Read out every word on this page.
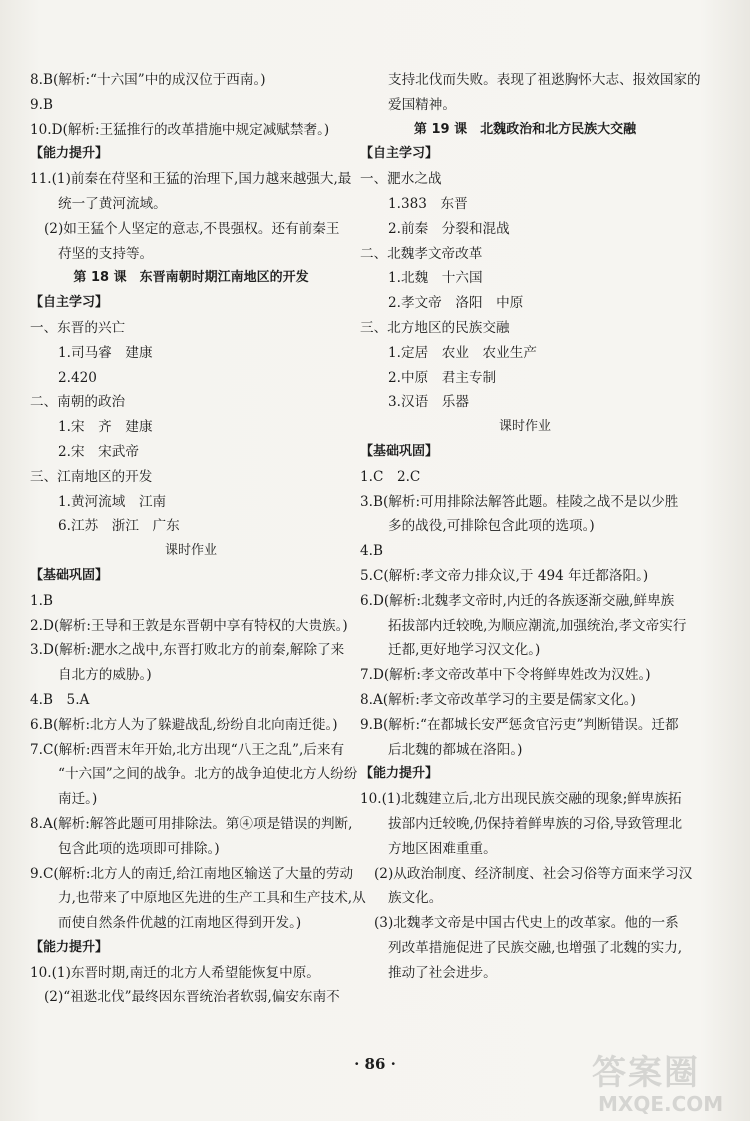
8.B(解析:“十六国”中的成汉位于西南。)
9.B
10.D(解析:王猛推行的改革措施中规定减赋禁奢。)
【能力提升】
11.(1)前秦在苻坚和王猛的治理下,国力越来越强大,最
统一了黄河流域。
(2)如王猛个人坚定的意志,不畏强权。还有前秦王
苻坚的支持等。
第 18 课　东晋南朝时期江南地区的开发
【自主学习】
一、东晋的兴亡
1.司马睿　建康
2.420
二、南朝的政治
1.宋　齐　建康
2.宋　宋武帝
三、江南地区的开发
1.黄河流域　江南
6.江苏　浙江　广东
课时作业
【基础巩固】
1.B
2.D(解析:王导和王敦是东晋朝中享有特权的大贵族。)
3.D(解析:淝水之战中,东晋打败北方的前秦,解除了来
自北方的威胁。)
4.B　5.A
6.B(解析:北方人为了躲避战乱,纷纷自北向南迁徙。)
7.C(解析:西晋末年开始,北方出现“八王之乱”,后来有
“十六国”之间的战争。北方的战争迫使北方人纷纷
南迁。)
8.A(解析:解答此题可用排除法。第④项是错误的判断,
包含此项的选项即可排除。)
9.C(解析:北方人的南迁,给江南地区输送了大量的劳动
力,也带来了中原地区先进的生产工具和生产技术,从
而使自然条件优越的江南地区得到开发。)
【能力提升】
10.(1)东晋时期,南迁的北方人希望能恢复中原。
(2)“祖逖北伐”最终因东晋统治者软弱,偏安东南不
支持北伐而失败。表现了祖逖胸怀大志、报效国家的
爱国精神。
第 19 课　北魏政治和北方民族大交融
【自主学习】
一、淝水之战
1.383　东晋
2.前秦　分裂和混战
二、北魏孝文帝改革
1.北魏　十六国
2.孝文帝　洛阳　中原
三、北方地区的民族交融
1.定居　农业　农业生产
2.中原　君主专制
3.汉语　乐器
课时作业
【基础巩固】
1.C　2.C
3.B(解析:可用排除法解答此题。桂陵之战不是以少胜
多的战役,可排除包含此项的选项。)
4.B
5.C(解析:孝文帝力排众议,于 494 年迁都洛阳。)
6.D(解析:北魏孝文帝时,内迁的各族逐渐交融,鲜卑族
拓拔部内迁较晚,为顺应潮流,加强统治,孝文帝实行
迁都,更好地学习汉文化。)
7.D(解析:孝文帝改革中下令将鲜卑姓改为汉姓。)
8.A(解析:孝文帝改革学习的主要是儒家文化。)
9.B(解析:“在都城长安严惩贪官污吏”判断错误。迁都
后北魏的都城在洛阳。)
【能力提升】
10.(1)北魏建立后,北方出现民族交融的现象;鲜卑族拓
拔部内迁较晚,仍保持着鲜卑族的习俗,导致管理北
方地区困难重重。
(2)从政治制度、经济制度、社会习俗等方面来学习汉
族文化。
(3)北魏孝文帝是中国古代史上的改革家。他的一系
列改革措施促进了民族交融,也增强了北魏的实力,
推动了社会进步。
· 86 ·	答案圈
MXQE.COM
